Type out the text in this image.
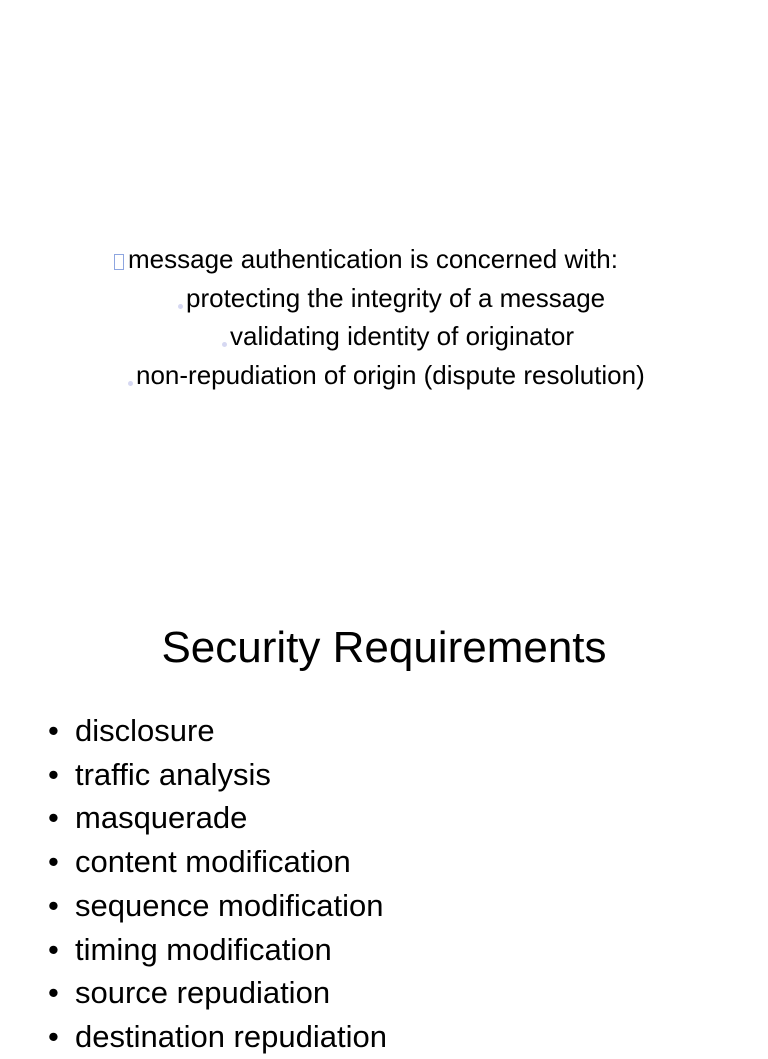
message authentication is concerned with:
protecting the integrity of a message
validating identity of originator
non-repudiation of origin (dispute resolution)
Security Requirements
• disclosure
• traffic analysis
• masquerade
• content modification
• sequence modification
• timing modification
• source repudiation
• destination repudiation
